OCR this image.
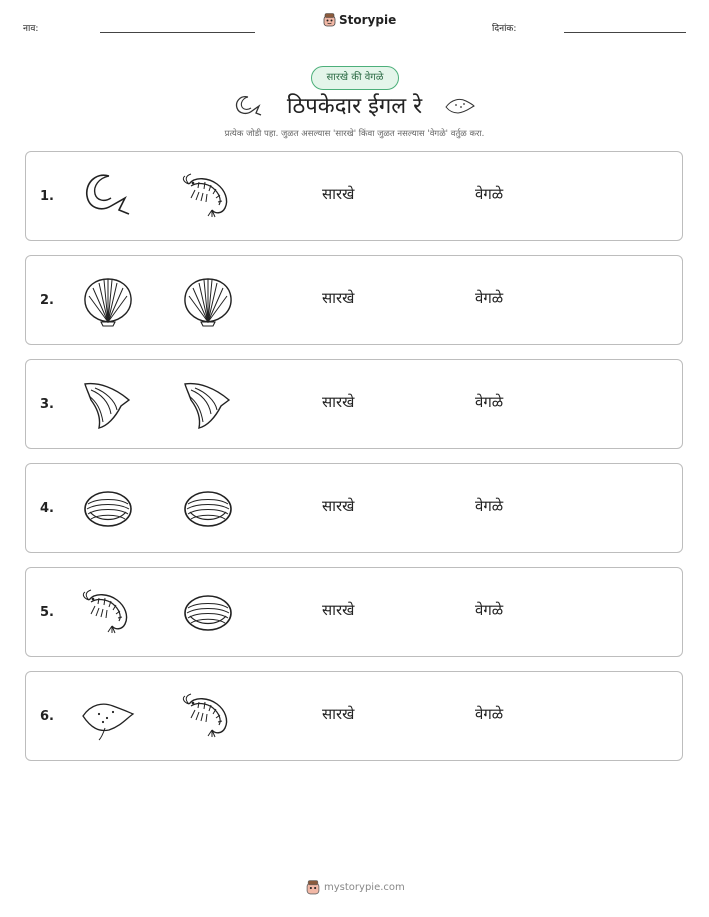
नाव:
Storypie
दिनांक:
सारखे की वेगळे
ठिपकेदार ईगल रे
प्रत्येक जोडी पहा. जुळत असल्यास 'सारखे' किंवा जुळत नसल्यास 'वेगळे' वर्तुळ करा.
1.	सारखे	वेगळे
2.	सारखे	वेगळे
3.	सारखे	वेगळे
4.	सारखे	वेगळे
5.	सारखे	वेगळे
6.	सारखे	वेगळे
mystorypie.com
